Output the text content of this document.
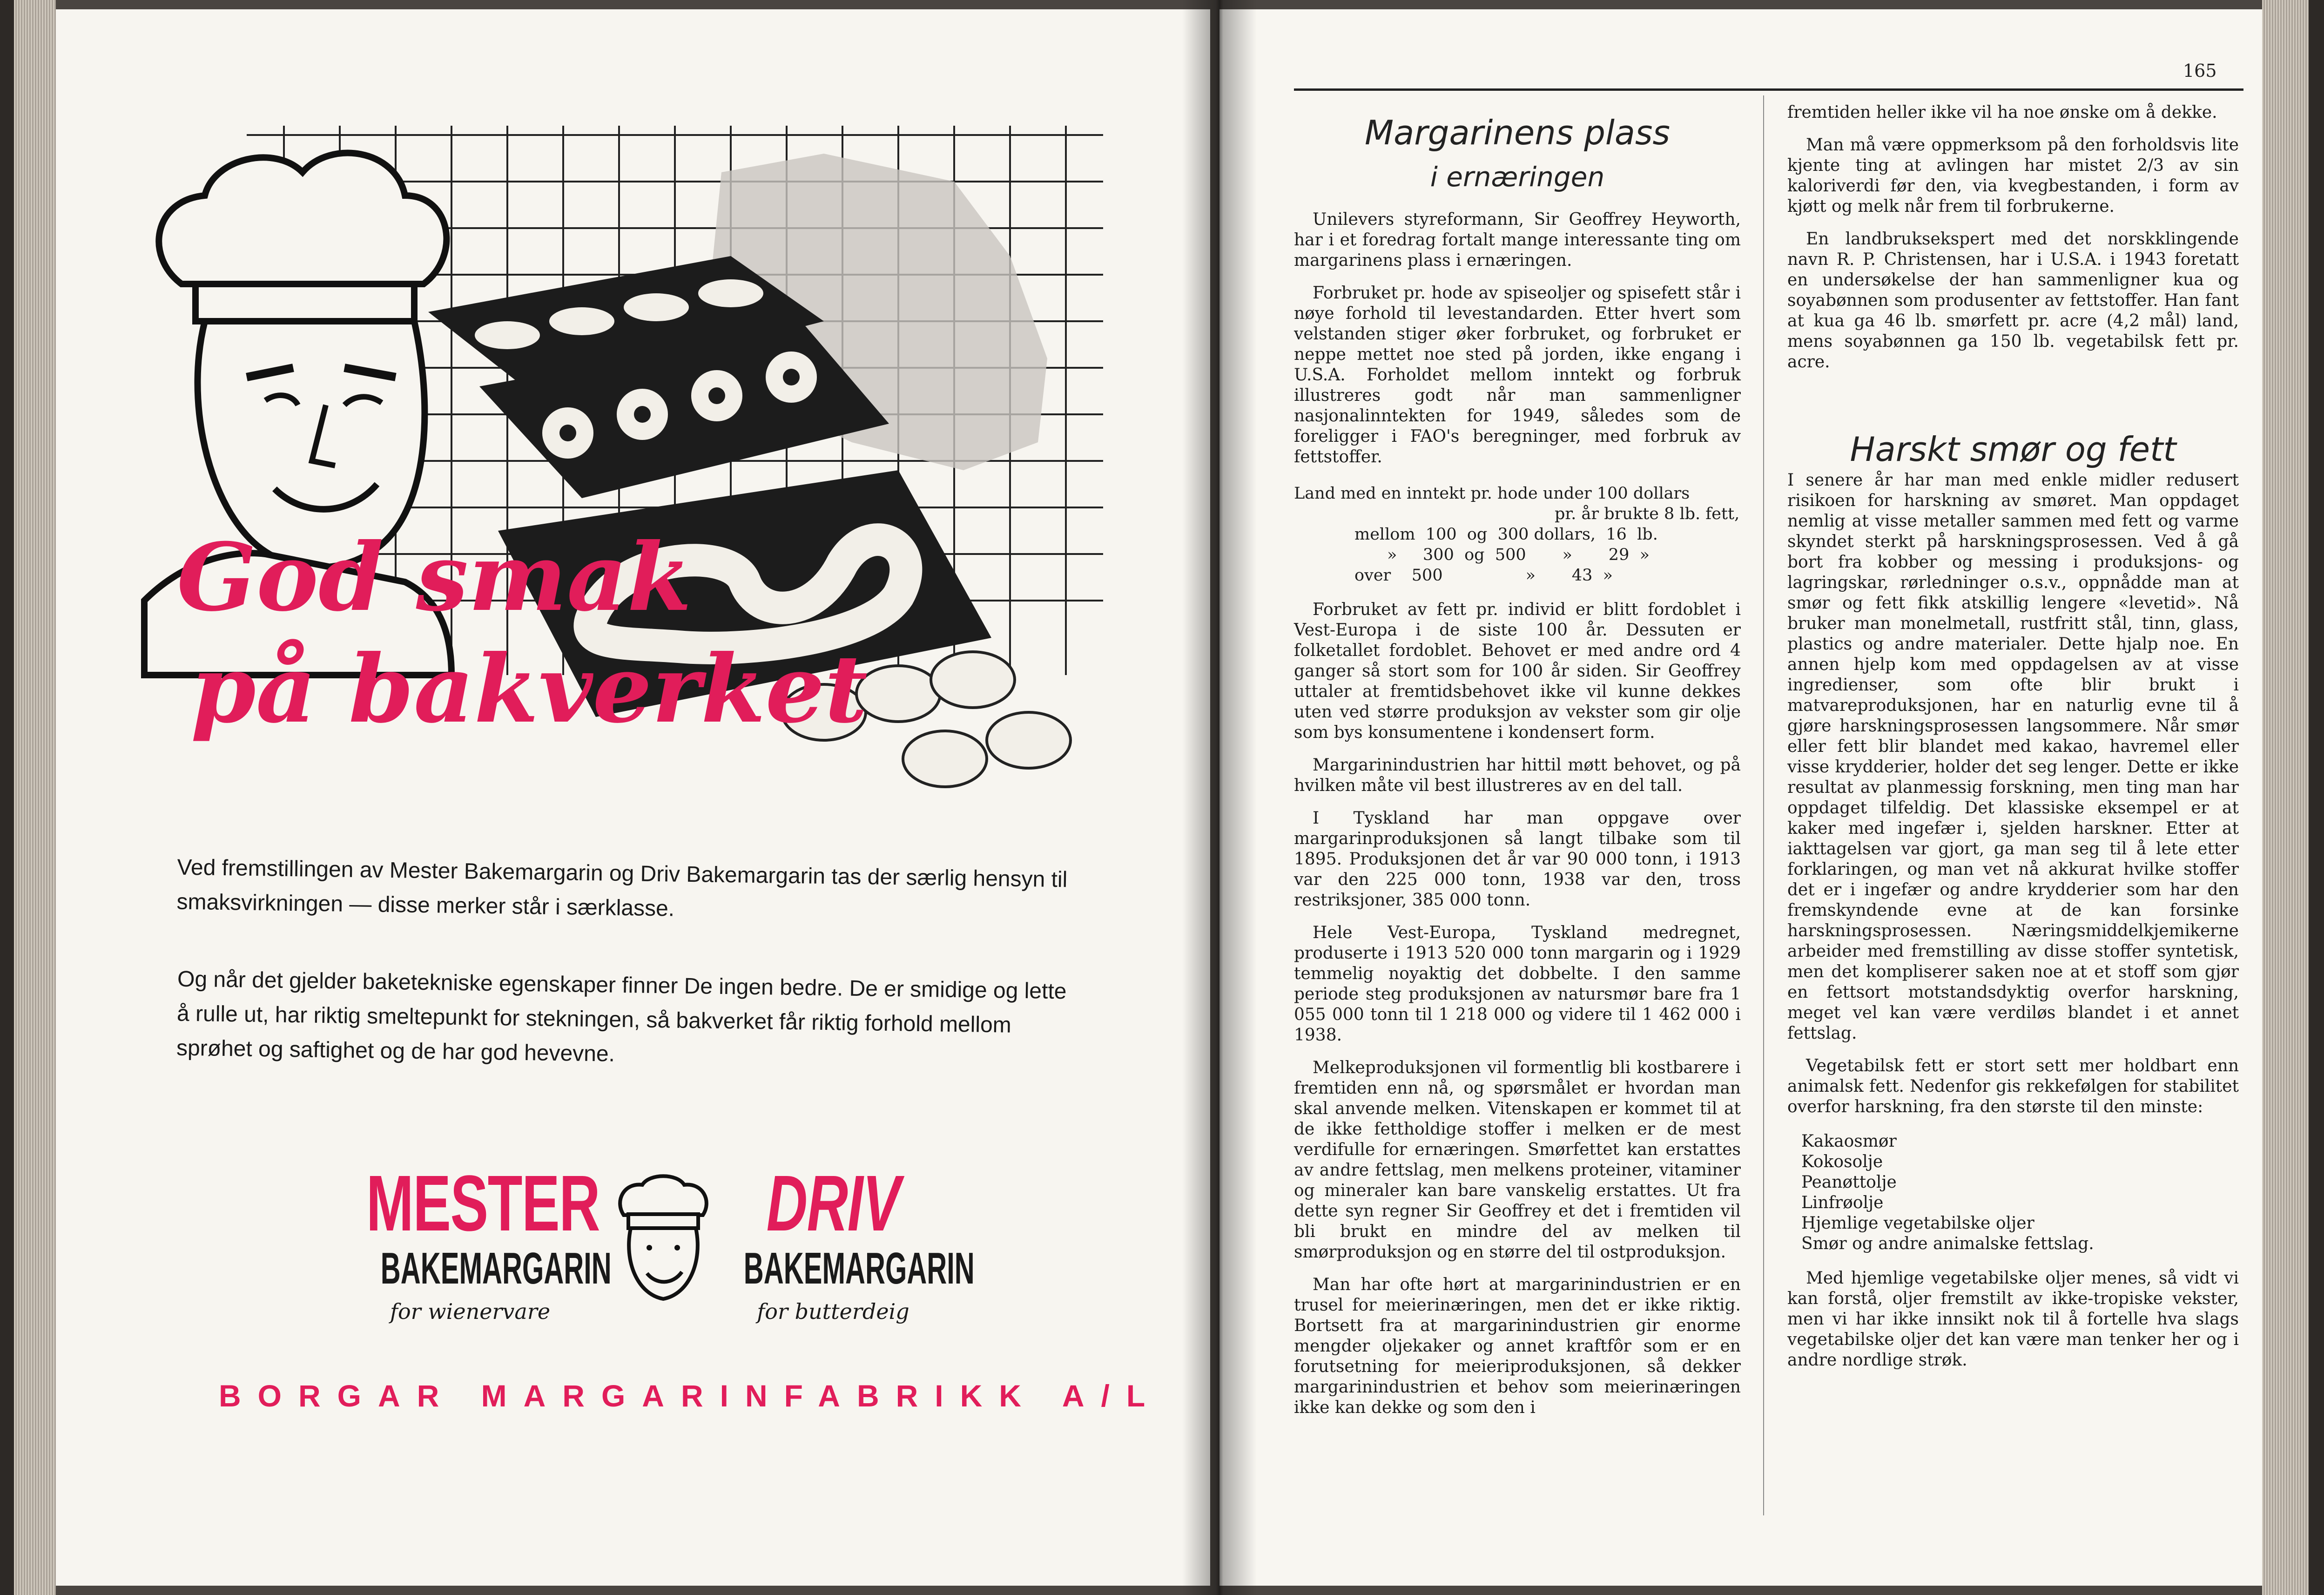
God smak
på bakverket
Ved fremstillingen av Mester Bakemargarin og Driv Bakemargarin tas der særlig hensyn til smaksvirkningen — disse merker står i særklasse.
Og når det gjelder baketekniske egenskaper finner De ingen bedre. De er smidige og lette å rulle ut, har riktig smeltepunkt for stekningen, så bakverket får riktig forhold mellom sprøhet og saftighet og de har god hevevne.
MESTER
BAKEMARGARIN
for wienervare
DRIV
BAKEMARGARIN
for butterdeig
BORGAR MARGARINFABRIKK A/L
165
Margarinens plass
i ernæringen

Unilevers styreformann, Sir Geoffrey Heyworth, har i et foredrag fortalt mange interessante ting om margarinens plass i ernæringen.

Forbruket pr. hode av spiseoljer og spisefett står i nøye forhold til levestandarden. Etter hvert som velstanden stiger øker forbruket, og forbruket er neppe mettet noe sted på jorden, ikke engang i U.S.A. Forholdet mellom inntekt og forbruk illustreres godt når man sammenligner nasjonalinntekten for 1949, således som de foreligger i FAO's beregninger, med forbruk av fettstoffer.

Land med en inntekt pr. hode under 100 dollars
pr. år brukte 8 lb. fett,
mellom  100  og  300 dollars,  16  lb.
»     300  og  500       »       29  »
over    500                »       43  »

Forbruket av fett pr. individ er blitt fordoblet i Vest-Europa i de siste 100 år. Dessuten er folketallet fordoblet. Behovet er med andre ord 4 ganger så stort som for 100 år siden. Sir Geoffrey uttaler at fremtidsbehovet ikke vil kunne dekkes uten ved større produksjon av vekster som gir olje som bys konsumentene i kondensert form.

Margarinindustrien har hittil møtt behovet, og på hvilken måte vil best illustreres av en del tall.

I Tyskland har man oppgave over margarinproduksjonen så langt tilbake som til 1895. Produksjonen det år var 90 000 tonn, i 1913 var den 225 000 tonn, 1938 var den, tross restriksjoner, 385 000 tonn.

Hele Vest-Europa, Tyskland medregnet, produserte i 1913 520 000 tonn margarin og i 1929 temmelig noyaktig det dobbelte. I den samme periode steg produksjonen av natursmør bare fra 1 055 000 tonn til 1 218 000 og videre til 1 462 000 i 1938.

Melkeproduksjonen vil formentlig bli kostbarere i fremtiden enn nå, og spørsmålet er hvordan man skal anvende melken. Vitenskapen er kommet til at de ikke fettholdige stoffer i melken er de mest verdifulle for ernæringen. Smørfettet kan erstattes av andre fettslag, men melkens proteiner, vitaminer og mineraler kan bare vanskelig erstattes. Ut fra dette syn regner Sir Geoffrey et det i fremtiden vil bli brukt en mindre del av melken til smørproduksjon og en større del til ostproduksjon.

Man har ofte hørt at margarinindustrien er en trusel for meierinæringen, men det er ikke riktig. Bortsett fra at margarinindustrien gir enorme mengder oljekaker og annet kraftfôr som er en forutsetning for meieriproduksjonen, så dekker margarinindustrien et behov som meierinæringen ikke kan dekke og som den i

fremtiden heller ikke vil ha noe ønske om å dekke.

Man må være oppmerksom på den forholdsvis lite kjente ting at avlingen har mistet 2/3 av sin kaloriverdi før den, via kvegbestanden, i form av kjøtt og melk når frem til forbrukerne.

En landbruksekspert med det norskklingende navn R. P. Christensen, har i U.S.A. i 1943 foretatt en undersøkelse der han sammenligner kua og soyabønnen som produsenter av fettstoffer. Han fant at kua ga 46 lb. smørfett pr. acre (4,2 mål) land, mens soyabønnen ga 150 lb. vegetabilsk fett pr. acre.

Harskt smør og fett

I senere år har man med enkle midler redusert risikoen for harskning av smøret. Man oppdaget nemlig at visse metaller sammen med fett og varme skyndet sterkt på harskningsprosessen. Ved å gå bort fra kobber og messing i produksjons- og lagringskar, rørledninger o.s.v., oppnådde man at smør og fett fikk atskillig lengere «levetid». Nå bruker man monelmetall, rustfritt stål, tinn, glass, plastics og andre materialer. Dette hjalp noe. En annen hjelp kom med oppdagelsen av at visse ingredienser, som ofte blir brukt i matvareproduksjonen, har en naturlig evne til å gjøre harskningsprosessen langsommere. Når smør eller fett blir blandet med kakao, havremel eller visse krydderier, holder det seg lenger. Dette er ikke resultat av planmessig forskning, men ting man har oppdaget tilfeldig. Det klassiske eksempel er at kaker med ingefær i, sjelden harskner. Etter at iakttagelsen var gjort, ga man seg til å lete etter forklaringen, og man vet nå akkurat hvilke stoffer det er i ingefær og andre krydderier som har den fremskyndende evne at de kan forsinke harskningsprosessen. Næringsmiddelkjemikerne arbeider med fremstilling av disse stoffer syntetisk, men det kompliserer saken noe at et stoff som gjør en fettsort motstandsdyktig overfor harskning, meget vel kan være verdiløs blandet i et annet fettslag.

Vegetabilsk fett er stort sett mer holdbart enn animalsk fett. Nedenfor gis rekkefølgen for stabilitet overfor harskning, fra den største til den minste:

Kakaosmør
Kokosolje
Peanøttolje
Linfrøolje
Hjemlige vegetabilske oljer
Smør og andre animalske fettslag.

Med hjemlige vegetabilske oljer menes, så vidt vi kan forstå, oljer fremstilt av ikke-tropiske vekster, men vi har ikke innsikt nok til å fortelle hva slags vegetabilske oljer det kan være man tenker her og i andre nordlige strøk.
